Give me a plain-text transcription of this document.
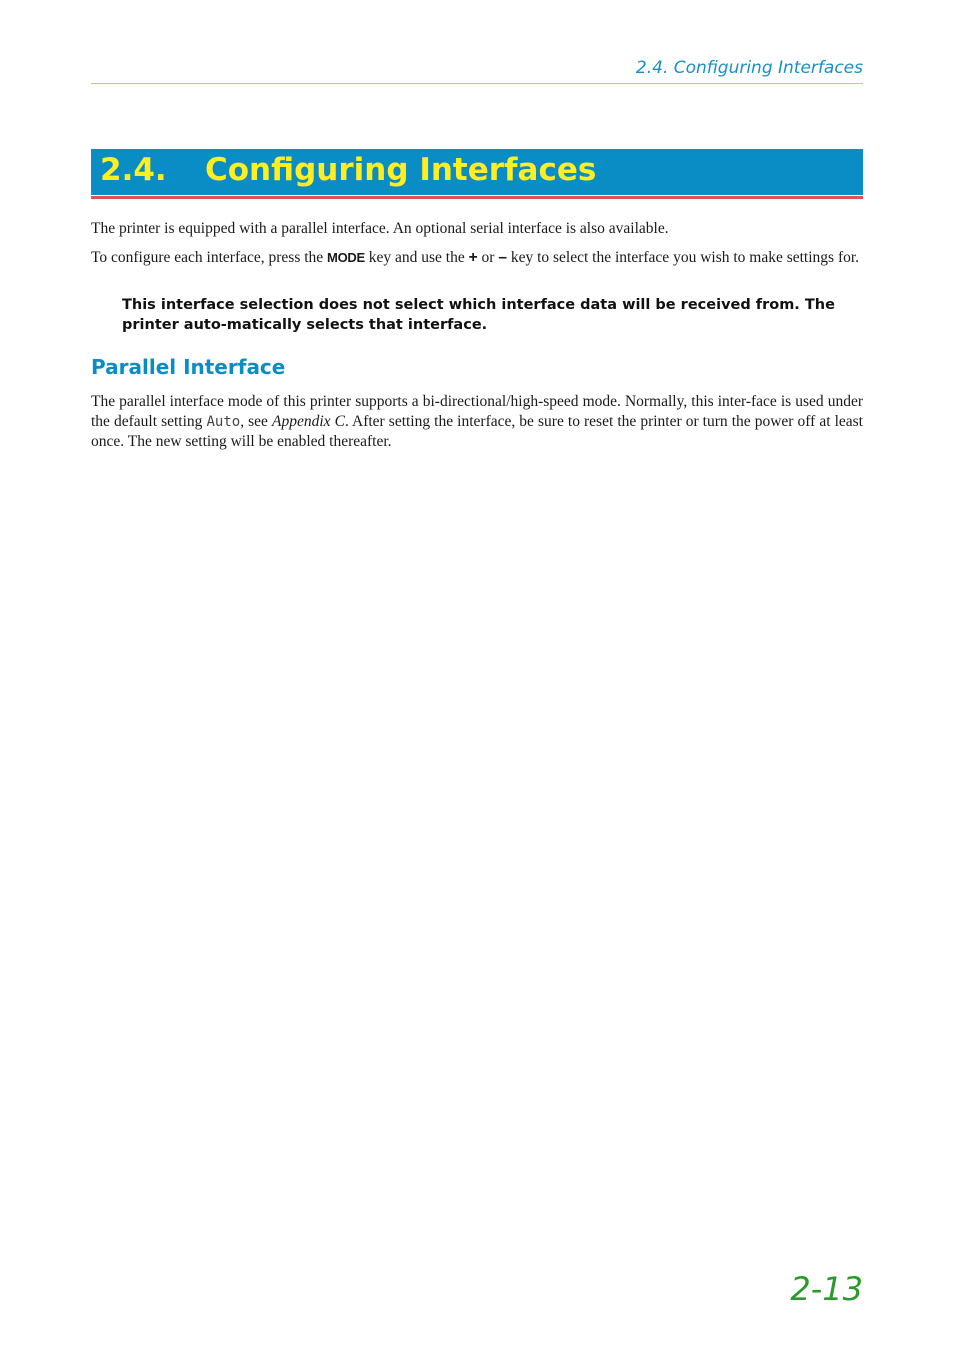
2.4. Configuring Interfaces
2.4. Configuring Interfaces
The printer is equipped with a parallel interface. An optional serial interface is also available.
To configure each interface, press the MODE key and use the + or – key to select the interface you wish to make settings for.
This interface selection does not select which interface data will be received from. The printer auto-matically selects that interface.
Parallel Interface
The parallel interface mode of this printer supports a bi-directional/high-speed mode. Normally, this inter-face is used under the default setting Auto, see Appendix C. After setting the interface, be sure to reset the printer or turn the power off at least once. The new setting will be enabled thereafter.
2-13
